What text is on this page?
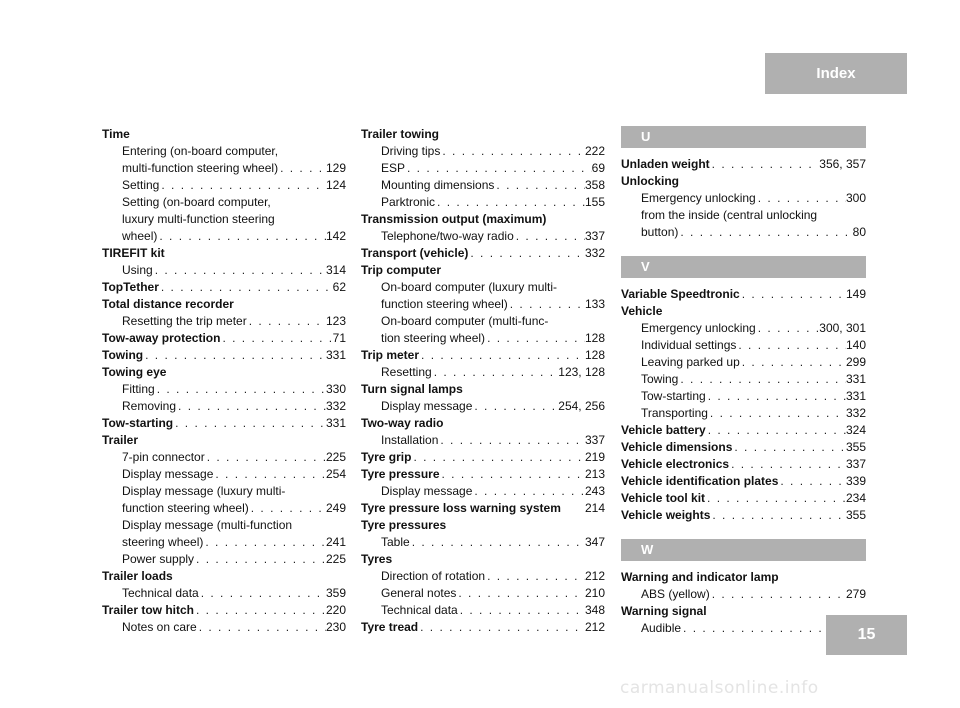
Index
Time
Entering (on-board computer,
multi-function steering wheel) . . .	129
Setting . . .	124
Setting (on-board computer,
luxury multi-function steering
wheel) . . .	142
TIREFIT kit
Using . . .	314
TopTether . . .	62
Total distance recorder
Resetting the trip meter . . .	123
Tow-away protection . . .	71
Towing . . .	331
Towing eye
Fitting . . .	330
Removing . . .	332
Tow-starting . . .	331
Trailer
7-pin connector . . .	225
Display message . . .	254
Display message (luxury multi-
function steering wheel) . . .	249
Display message (multi-function
steering wheel) . . .	241
Power supply . . .	225
Trailer loads
Technical data . . .	359
Trailer tow hitch . . .	220
Notes on care . . .	230
Trailer towing
Driving tips . . .	222
ESP . . .	69
Mounting dimensions . . .	358
Parktronic . . .	155
Transmission output (maximum)
Telephone/two-way radio . . .	337
Transport (vehicle) . . .	332
Trip computer
On-board computer (luxury multi-
function steering wheel) . . .	133
On-board computer (multi-func-
tion steering wheel) . . .	128
Trip meter . . .	128
Resetting . . .	123, 128
Turn signal lamps
Display message . . .	254, 256
Two-way radio
Installation . . .	337
Tyre grip . . .	219
Tyre pressure . . .	213
Display message . . .	243
Tyre pressure loss warning system 214
Tyre pressures
Table . . .	347
Tyres
Direction of rotation . . .	212
General notes . . .	210
Technical data . . .	348
Tyre tread . . .	212
U
Unladen weight . . .	356, 357
Unlocking
Emergency unlocking . . .	300
from the inside (central unlocking
button) . . .	80
V
Variable Speedtronic . . .	149
Vehicle
Emergency unlocking . . .	300, 301
Individual settings . . .	140
Leaving parked up . . .	299
Towing . . .	331
Tow-starting . . .	331
Transporting . . .	332
Vehicle battery . . .	324
Vehicle dimensions . . .	355
Vehicle electronics . . .	337
Vehicle identification plates . . .	339
Vehicle tool kit . . .	234
Vehicle weights . . .	355
W
Warning and indicator lamp
ABS (yellow) . . .	279
Warning signal
Audible . . .	15
carmanualsonline.info
